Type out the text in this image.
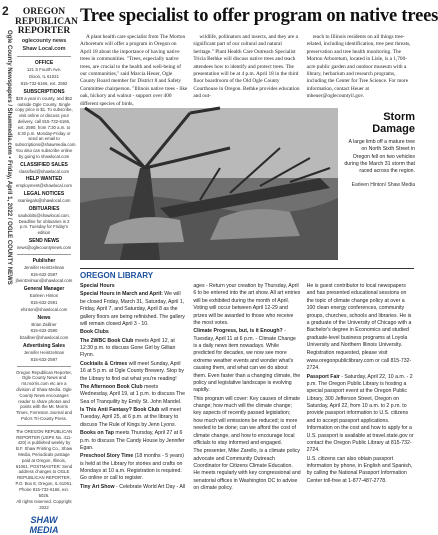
2
Ogle County Newspapers / Shawmedia.com • Friday, April 1, 2022 / OGLE COUNTY NEWS
OREGON REPUBLICAN REPORTER
oglecounty news
Shaw Local.com
OFFICE

121 S Fourth Ave.

Dixon, IL 61021

815-732-6166, ext. 2592

SUBSCRIPTIONS

$29 a year in county, and $52 outside Ogle County. Single copy price is $1. To subscribe, visit online or discuss your delivery, call 815-732-6166, ext. 2590, from 7:30 a.m. to 6:30 p.m. Monday-Friday or send an email to subscriptions@shawmedia.com. You also can subscribe online by going to shawlocal.com

CLASSIFIED SALES

classified@shawlocal.com

HELP WANTED

employment@shawlocal.com

LEGAL NOTICES

ssanlegals@shawlocal.com

OBITUARIES

saukobits@shawlocal.com. Deadline for obituaries is 2 p.m. Tuesday for Friday's edition

SEND NEWS

news@oglecountynews.com

Publisher

Jennifer Heintzelman

815-632-2597

jheintzelman@shawlocal.com

General Manager

Earleen Hinton

815-632-2591

ehinton@shawlocal.com

News

Brian Zaillner

815-632-2590

bzaillner@shawlocal.com

Advertising Sales

Jennifer Heintzelman

815-632-2597

Oregon Republican Reporter, Ogle County News and mt.morris.com etc are a division of Shaw Media. Ogle County News encourages reader to share photos and points with the Mt. Morris Times, Forreston Journal and Polo's Tri-County Press.

The OREGON REPUBLICAN REPORTER (USPS No. 411-420) is published weekly by B.F. Shaw Printing Co., Shaw Media, Periodicals postage paid at Oregon, Illinois, 61061. POSTMASTER: Send address changes to OGLE REPUBLICAN REPORTER, P.O. Box 8, Oregon, IL 61061. Phone 815-732-6166, ext. 5026.

All rights reserved. Copyright 2022

SHAW MEDIA
Tree specialist to offer program on native trees
A plant health care specialist from The Morton Arboretum will offer a program in Oregon on April 18 about the importance of having native trees in communities. "Trees, especially native trees, are crucial to the health and well-being of our communities," said Marcia Heuer, Ogle County Board member for District 8 and Safety Committee chairperson. "Illinois native trees - like oak, hickory and walnut - support over 400 different species of birds,
wildlife, pollinators and insects, and they are a significant part of our cultural and natural heritage." Plant Health Care Outreach Specialist Tricia Bethke will discuss native trees and teach attendees how to identify and protect trees. The presentation will be at 4 p.m. April 18 in the third floor boardroom of the Old Ogle County Courthouse in Oregon. Bethke provides education and out-
reach to Illinois residents on all things tree-related, including identification, tree pest threats, preservation and tree health monitoring. The Morton Arboretum, located in Lisle, is a 1,700-acre public garden and outdoor museum with a library, herbarium and research programs, including the Center for Tree Science. For more information, contact Heuer at mheuer@oglecountyil.gov.
Storm Damage
A large limb off a mature tree on North Sixth Street in Oregon fell on two vehicles during the March 31 storm that raced across the region.
Earleen Hinton/ Shaw Media
OREGON LIBRARY
Special Hours
Special Hours in March and April: We will be closed Friday, March 31, Saturday, April 1, Friday, April 7, and Saturday, April 8 as the gallery floors are being refinished. The gallery will remain closed April 3 - 10.
Book Clubs
The 2WBC Book Club meets April 12, at 12:30 p.m. to discuss Gone Girl by Gillian Flynn.
Cocktails & Crimes will meet Sunday, April 16 at 5 p.m. at Ogle County Brewery. Stop by the Library to find out what you're reading!
The Afternoon Book Club meets Wednesday, April 19, at 1 p.m. to discuss The Sea of Tranquility by Emily St. John Mandel.
Is This Anti Fantasy? Book Club will meet Tuesday, April 25, at 6 p.m. at the library to discuss The Rule of Kings by Jenn Lyons.
Books on Tap meets Thursday, April 27 at 6 p.m. to discuss The Candy House by Jennifer Egan.
Preschool Story Time (18 months - 5 years) is held at the Library for stories and crafts on Mondays at 10 a.m. Registration is required. Go online or call to register.
Tiny Art Show - Celebrate World Art Day - All
ages - Return your creation by Thursday, April 6 to be entered into the art show. All art entries will be exhibited during the month of April. Voting will occur between April 12-29 and prizes will be awarded to those who receive the most votes.
Climate Progress, but, is it Enough? - Tuesday, April 11 at 6 p.m. - Climate Change is a daily news item nowadays. While predicted for decades, we now see more extreme weather events and wonder what's causing them, and what can we do about them. Even faster than a changing climate, the policy and legislative landscape is evolving rapidly.
This program will cover: Key causes of climate change; how much will the climate change; key aspects of recently passed legislation; how much will emissions be reduced; is more needed to be done; can we afford the cost of climate change, and how to encourage local officials to stay informed and engaged.
The presenter, Mike Zarello, is a climate policy advocate and Community Outreach Coordinator for Citizens Climate Education. He meets regularly with key congressional and senatorial offices in Washington DC to advise on climate policy.
He is guest contributor to local newspapers and has presented educational sessions on the topic of climate change policy at over a 100 clean energy conferences, community groups, churches, schools and libraries. He is a graduate of the University of Chicago with a Bachelor's degree in Economics and studied graduate-level business programs at Loyola University and Northern Illinois University.
Registration requested, please visit www.oregonpubliclibrary.com or call 815-732-2724.
Passport Fair - Saturday, April 22, 10 a.m. - 2 p.m. The Oregon Public Library is hosting a special passport event at the Oregon Public Library, 300 Jefferson Street, Oregon on Saturday, April 22, from 10 a.m. to 2 p.m. to provide passport information to U.S. citizens and to accept passport applications. Information on the cost and how to apply for a U.S. passport is available at travel.state.gov or contact the Oregon Public Library at 815-732-2724.
U.S. citizens can also obtain passport information by phone, in English and Spanish, by calling the National Passport Information Center toll-free at 1-877-487-2778.
